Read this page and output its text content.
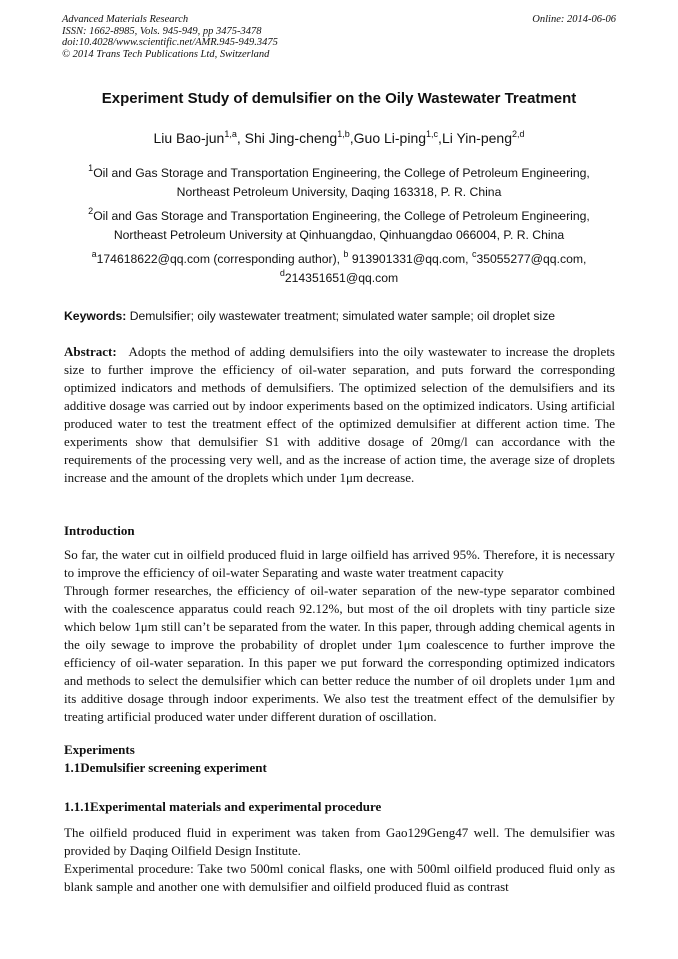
Advanced Materials Research
ISSN: 1662-8985, Vols. 945-949, pp 3475-3478
doi:10.4028/www.scientific.net/AMR.945-949.3475
© 2014 Trans Tech Publications Ltd, Switzerland
Online: 2014-06-06
Experiment Study of demulsifier on the Oily Wastewater Treatment
Liu Bao-jun$^{1,a}$, Shi Jing-cheng$^{1,b}$,Guo Li-ping$^{1,c}$,Li Yin-peng$^{2,d}$
$^1$Oil and Gas Storage and Transportation Engineering, the College of Petroleum Engineering,
Northeast Petroleum University, Daqing 163318, P. R. China
$^2$Oil and Gas Storage and Transportation Engineering, the College of Petroleum Engineering,
Northeast Petroleum University at Qinhuangdao, Qinhuangdao 066004, P. R. China
$^a$174618622@qq.com (corresponding author), $^b$ 913901331@qq.com, $^c$35055277@qq.com,
$^d$214351651@qq.com
Keywords: Demulsifier; oily wastewater treatment; simulated water sample; oil droplet size
Abstract: Adopts the method of adding demulsifiers into the oily wastewater to increase the droplets size to further improve the efficiency of oil-water separation, and puts forward the corresponding optimized indicators and methods of demulsifiers. The optimized selection of the demulsifiers and its additive dosage was carried out by indoor experiments based on the optimized indicators. Using artificial produced water to test the treatment effect of the optimized demulsifier at different action time. The experiments show that demulsifier S1 with additive dosage of 20mg/l can accordance with the requirements of the processing very well, and as the increase of action time, the average size of droplets increase and the amount of the droplets which under 1μm decrease.
Introduction

So far, the water cut in oilfield produced fluid in large oilfield has arrived 95%. Therefore, it is necessary to improve the efficiency of oil-water Separating and waste water treatment capacity

Through former researches, the efficiency of oil-water separation of the new-type separator combined with the coalescence apparatus could reach 92.12%, but most of the oil droplets with tiny particle size which below 1μm still can’t be separated from the water. In this paper, through adding chemical agents in the oily sewage to improve the probability of droplet under 1μm coalescence to further improve the efficiency of oil-water separation. In this paper we put forward the corresponding optimized indicators and methods to select the demulsifier which can better reduce the number of oil droplets under 1μm and its additive dosage through indoor experiments. We also test the treatment effect of the demulsifier by treating artificial produced water under different duration of oscillation.

Experiments
1.1Demulsifier screening experiment
1.1.1Experimental materials and experimental procedure

The oilfield produced fluid in experiment was taken from Gao129Geng47 well. The demulsifier was provided by Daqing Oilfield Design Institute.

Experimental procedure: Take two 500ml conical flasks, one with 500ml oilfield produced fluid only as blank sample and another one with demulsifier and oilfield produced fluid as contrast
